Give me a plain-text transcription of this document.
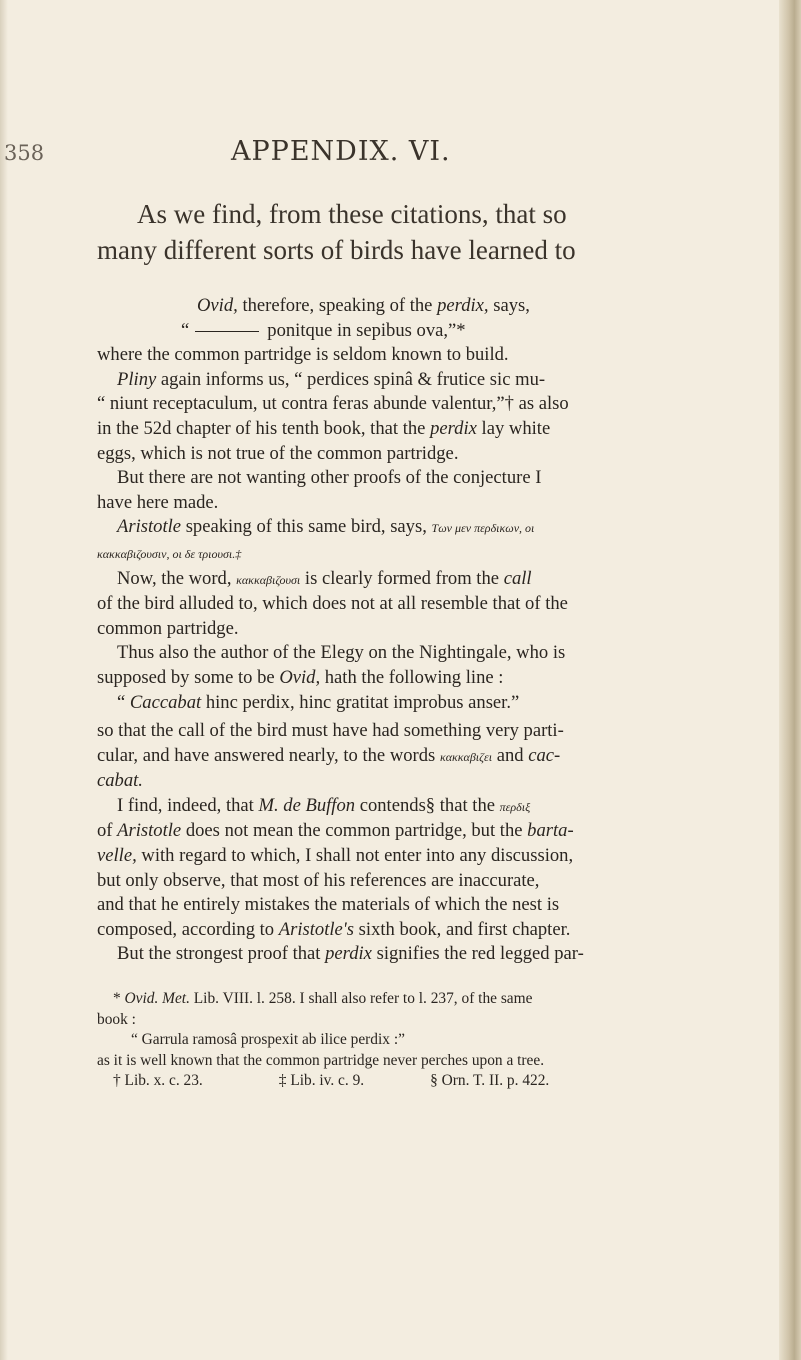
358	APPENDIX. VI.

As we find, from these citations, that so

many different sorts of birds have learned to

Ovid, therefore, speaking of the perdix, says,

“	ponitque in sepibus ova,”*

where the common partridge is seldom known to build.

Pliny again informs us, “ perdices spinâ & frutice sic mu-

“ niunt receptaculum, ut contra feras abunde valentur,”† as also

in the 52d chapter of his tenth book, that the perdix lay white

eggs, which is not true of the common partridge.

But there are not wanting other proofs of the conjecture I

have here made.

Aristotle speaking of this same bird, says, Των μεν περδικων, οι

κακκαβιζουσιν, οι δε τριουσι.‡

Now, the word, κακκαβιζουσι is clearly formed from the call

of the bird alluded to, which does not at all resemble that of the

common partridge.

Thus also the author of the Elegy on the Nightingale, who is

supposed by some to be Ovid, hath the following line :

“ Caccabat hinc perdix, hinc gratitat improbus anser.”

so that the call of the bird must have had something very parti-

cular, and have answered nearly, to the words κακκαβιζει and cac-

cabat.

I find, indeed, that M. de Buffon contends§ that the περδιξ

of Aristotle does not mean the common partridge, but the barta-

velle, with regard to which, I shall not enter into any discussion,

but only observe, that most of his references are inaccurate,

and that he entirely mistakes the materials of which the nest is

composed, according to Aristotle's sixth book, and first chapter.

But the strongest proof that perdix signifies the red legged par-

* Ovid. Met. Lib. VIII. l. 258. I shall also refer to l. 237, of the same

book :

“ Garrula ramosâ prospexit ab ilice perdix :”

as it is well known that the common partridge never perches upon a tree.

† Lib. x. c. 23.	‡ Lib. iv. c. 9.	§ Orn. T. II. p. 422.
